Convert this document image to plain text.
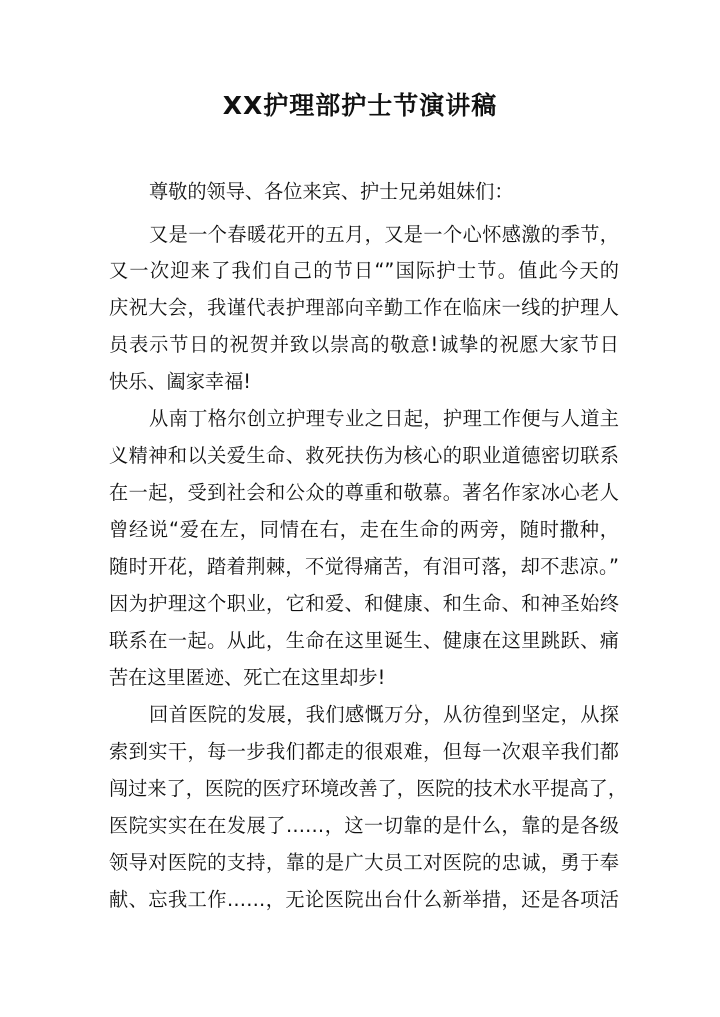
XX护理部护士节演讲稿
尊敬的领导、各位来宾、护士兄弟姐妹们：
又是一个春暖花开的五月，又是一个心怀感激的季节，
又一次迎来了我们自己的节日“”国际护士节。值此今天的
庆祝大会，我谨代表护理部向辛勤工作在临床一线的护理人
员表示节日的祝贺并致以崇高的敬意!诚挚的祝愿大家节日
快乐、阖家幸福!
从南丁格尔创立护理专业之日起，护理工作便与人道主
义精神和以关爱生命、救死扶伤为核心的职业道德密切联系
在一起，受到社会和公众的尊重和敬慕。著名作家冰心老人
曾经说“爱在左，同情在右，走在生命的两旁，随时撒种，
随时开花，踏着荆棘，不觉得痛苦，有泪可落，却不悲凉。”
因为护理这个职业，它和爱、和健康、和生命、和神圣始终
联系在一起。从此，生命在这里诞生、健康在这里跳跃、痛
苦在这里匿迹、死亡在这里却步!
回首医院的发展，我们感慨万分，从彷徨到坚定，从探
索到实干，每一步我们都走的很艰难，但每一次艰辛我们都
闯过来了，医院的医疗环境改善了，医院的技术水平提高了，
医院实实在在发展了……，这一切靠的是什么，靠的是各级
领导对医院的支持，靠的是广大员工对医院的忠诚，勇于奉
献、忘我工作……，无论医院出台什么新举措，还是各项活
